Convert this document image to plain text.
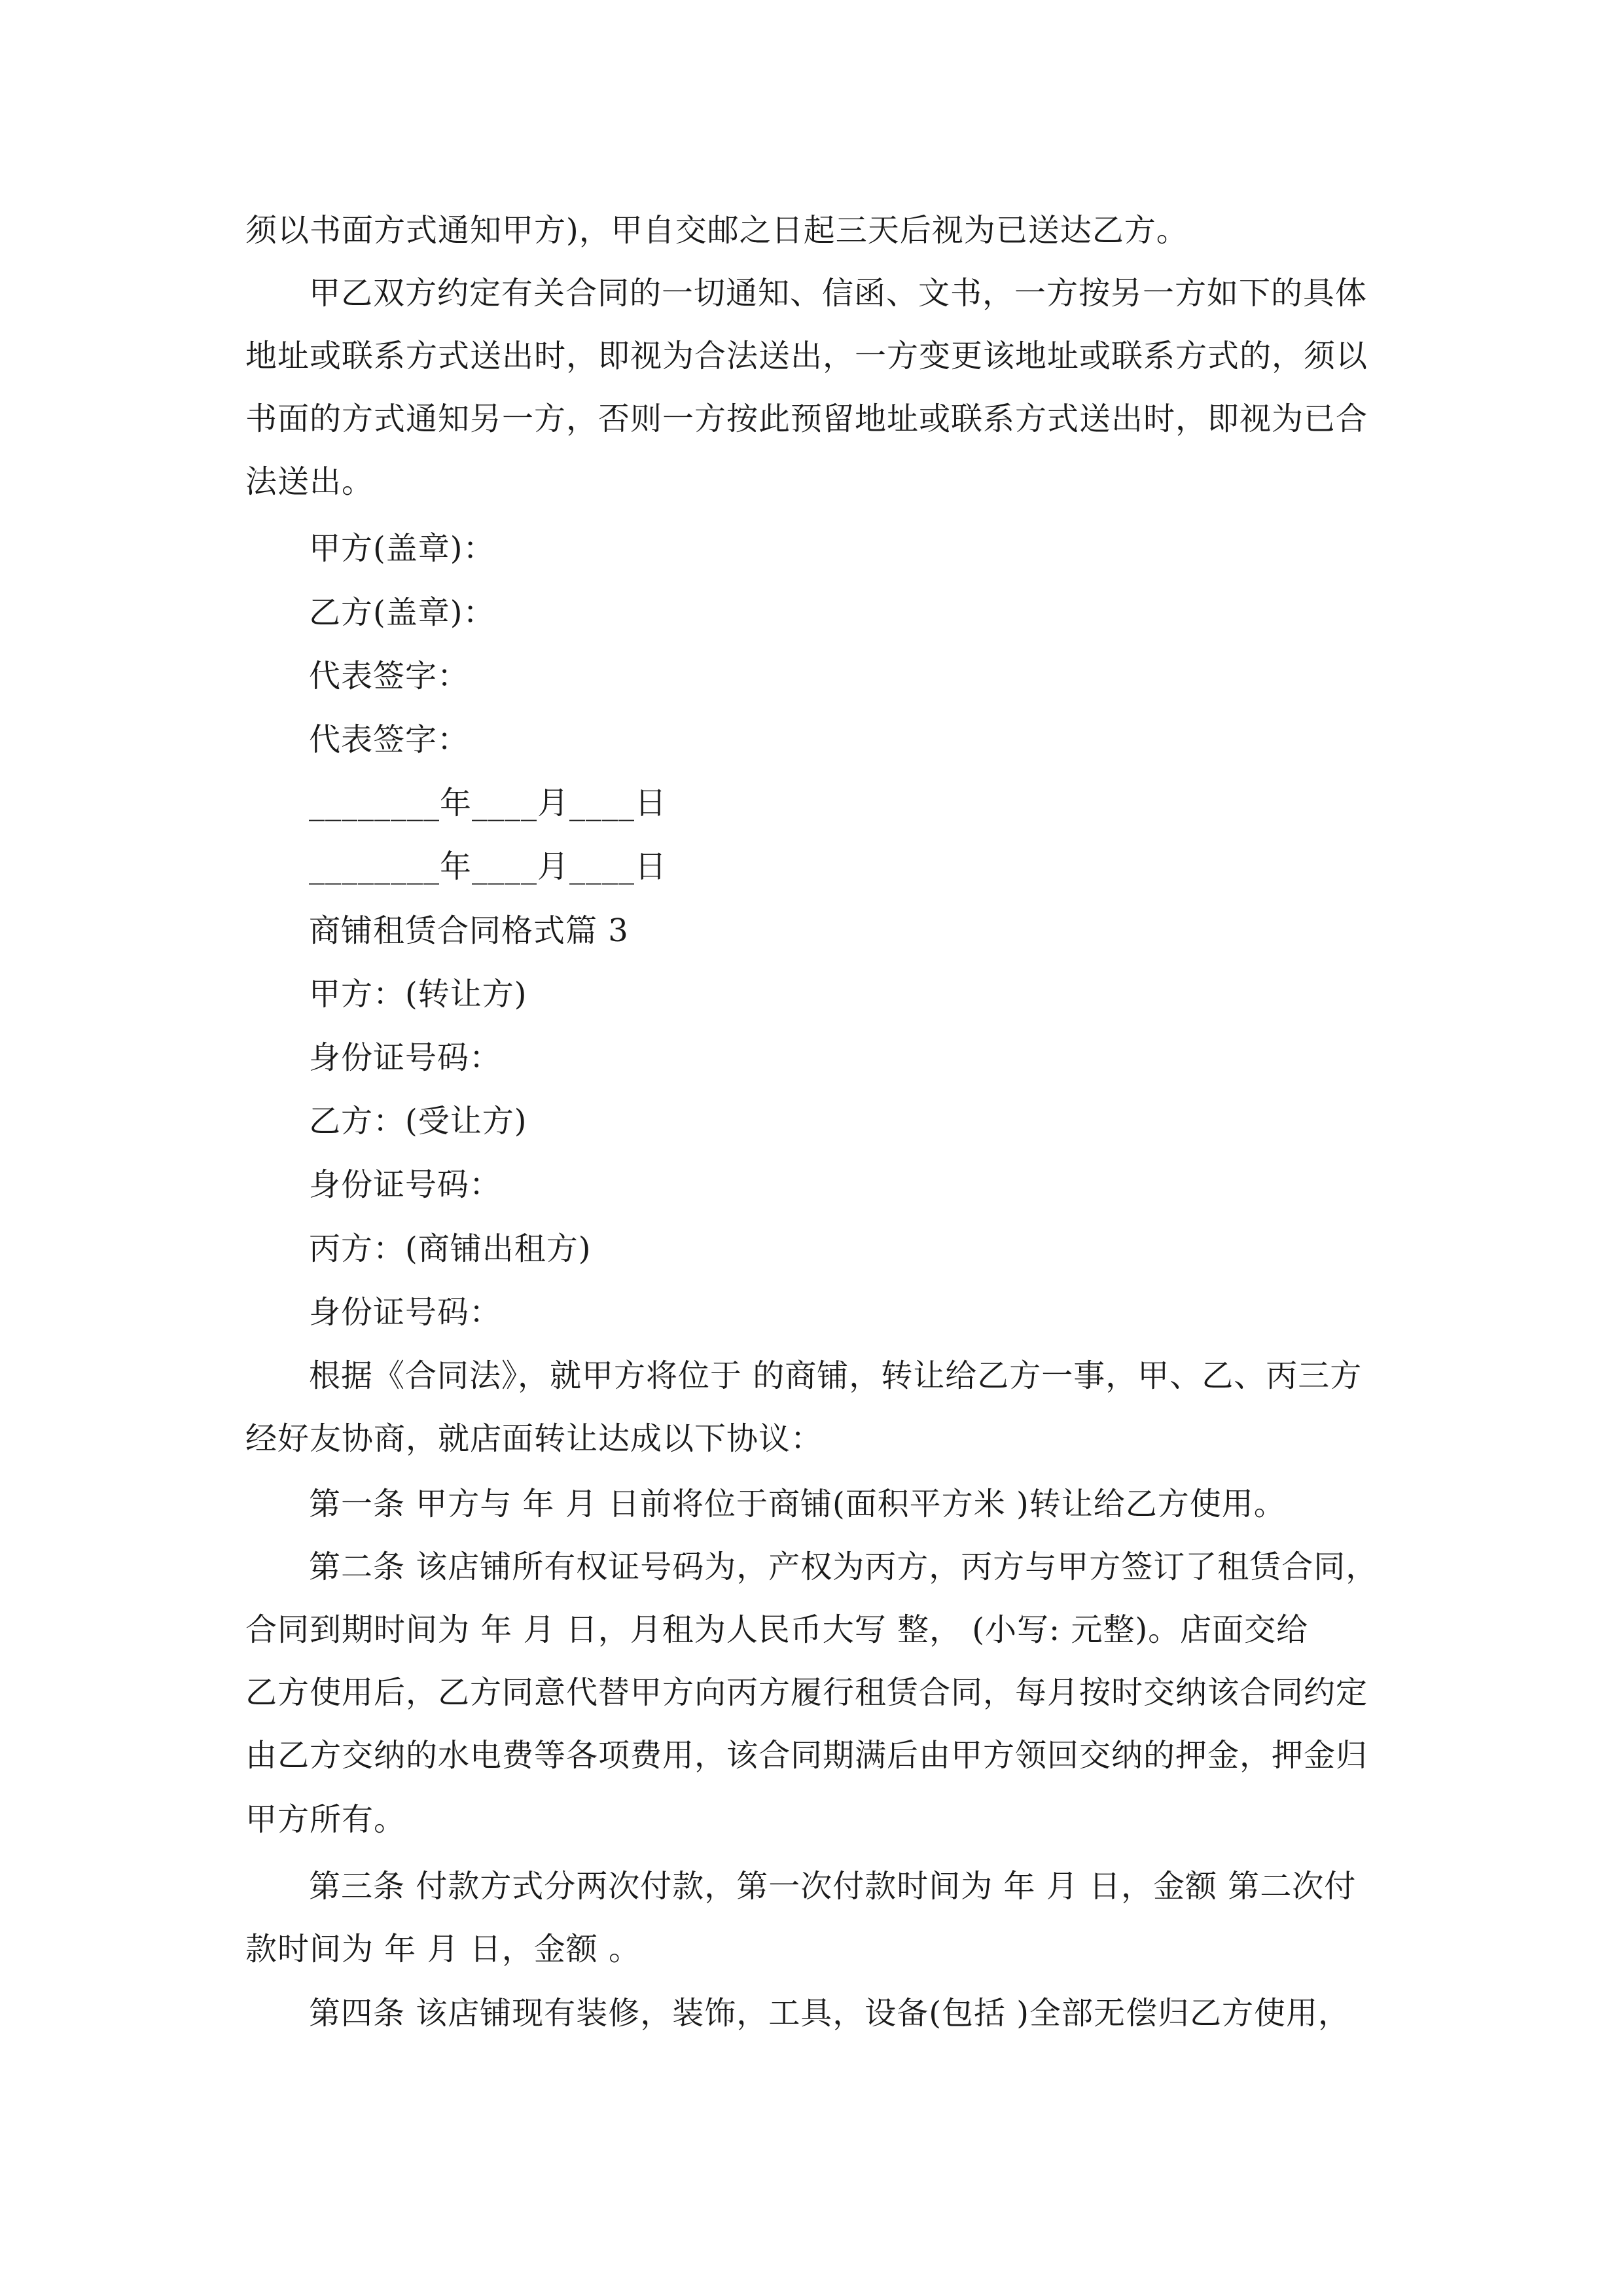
须以书面方式通知甲方)，甲自交邮之日起三天后视为已送达乙方。
甲乙双方约定有关合同的一切通知、信函、文书，一方按另一方如下的具体
地址或联系方式送出时，即视为合法送出，一方变更该地址或联系方式的，须以
书面的方式通知另一方，否则一方按此预留地址或联系方式送出时，即视为已合
法送出。
甲方(盖章)：
乙方(盖章)：
代表签字：
代表签字：
________年____月____日
________年____月____日
商铺租赁合同格式篇 3
甲方：(转让方)
身份证号码：
乙方：(受让方)
身份证号码：
丙方：(商铺出租方)
身份证号码：
根据《合同法》，就甲方将位于 的商铺，转让给乙方一事，甲、乙、丙三方
经好友协商，就店面转让达成以下协议：
第一条 甲方与 年 月 日前将位于商铺(面积平方米 )转让给乙方使用。
第二条 该店铺所有权证号码为，产权为丙方，丙方与甲方签订了租赁合同，
合同到期时间为 年 月 日，月租为人民币大写 整， (小写: 元整)。店面交给
乙方使用后，乙方同意代替甲方向丙方履行租赁合同，每月按时交纳该合同约定
由乙方交纳的水电费等各项费用，该合同期满后由甲方领回交纳的押金，押金归
甲方所有。
第三条 付款方式分两次付款，第一次付款时间为 年 月 日，金额 第二次付
款时间为 年 月 日，金额 。
第四条 该店铺现有装修，装饰，工具，设备(包括 )全部无偿归乙方使用，
